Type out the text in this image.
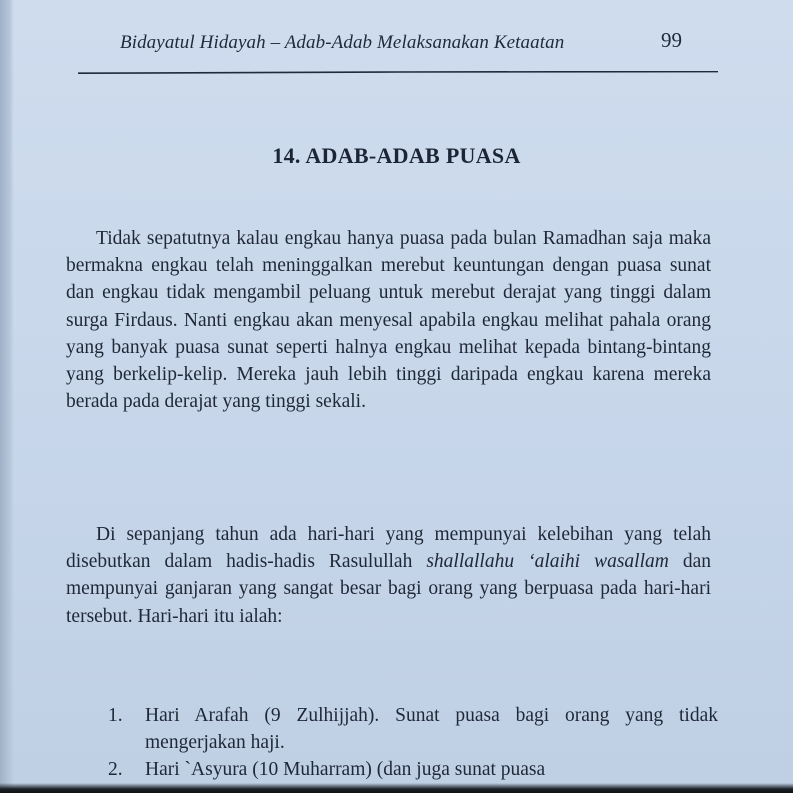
Bidayatul Hidayah – Adab-Adab Melaksanakan Ketaatan	99
14. ADAB-ADAB PUASA

Tidak sepatutnya kalau engkau hanya puasa pada bulan Ramadhan saja maka bermakna engkau telah meninggalkan merebut keuntungan dengan puasa sunat dan engkau tidak mengambil peluang untuk merebut derajat yang tinggi dalam surga Firdaus. Nanti engkau akan menyesal apabila engkau melihat pahala orang yang banyak puasa sunat seperti halnya engkau melihat kepada bintang-bintang yang berkelip-kelip. Mereka jauh lebih tinggi daripada engkau karena mereka berada pada derajat yang tinggi sekali.

Di sepanjang tahun ada hari-hari yang mempunyai kelebihan yang telah disebutkan dalam hadis-hadis Rasulullah shallallahu ‘alaihi wasallam dan mempunyai ganjaran yang sangat besar bagi orang yang berpuasa pada hari-hari tersebut. Hari-hari itu ialah:

1. Hari Arafah (9 Zulhijjah). Sunat puasa bagi orang yang tidak mengerjakan haji.
2. Hari `Asyura (10 Muharram) (dan juga sunat puasa
